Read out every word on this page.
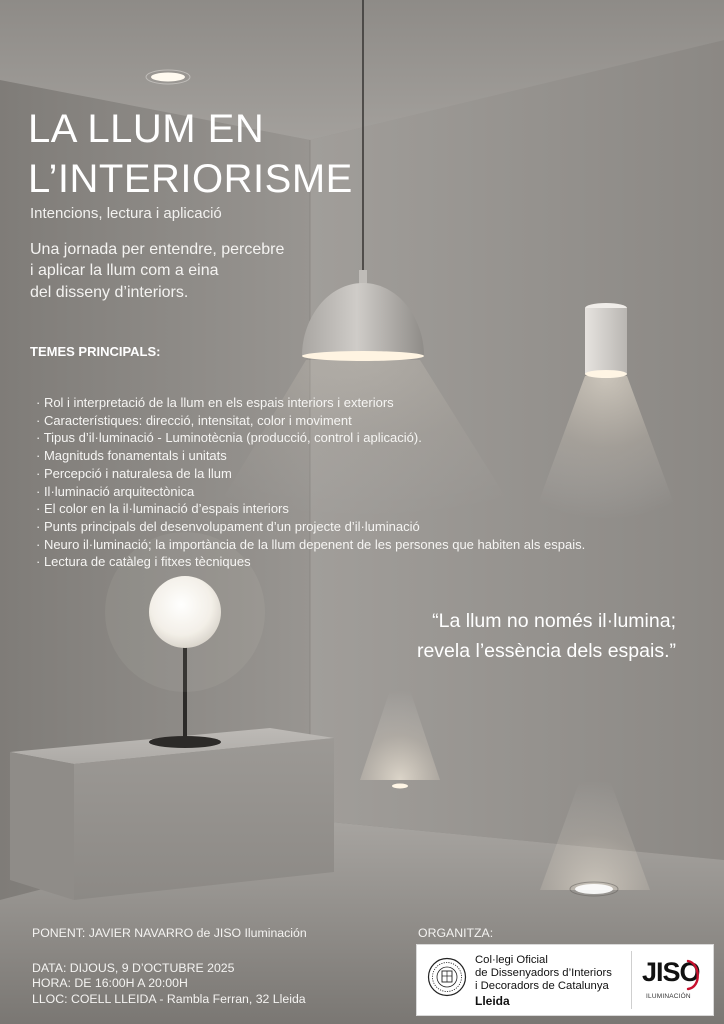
LA LLUM EN
L’INTERIORISME
Intencions, lectura i aplicació
Una jornada per entendre, percebre
i aplicar la llum com a eina
del disseny d’interiors.
TEMES PRINCIPALS:
· Rol i interpretació de la llum en els espais interiors i exteriors
· Característiques: direcció, intensitat, color i moviment
· Tipus d’il·luminació - Luminotècnia (producció, control i aplicació).
· Magnituds fonamentals i unitats
· Percepció i naturalesa de la llum
· Il·luminació arquitectònica
· El color en la il·luminació d’espais interiors
· Punts principals del desenvolupament d’un projecte d’il·luminació
· Neuro il·luminació; la importància de la llum depenent de les persones que habiten als espais.
· Lectura de catàleg i fitxes tècniques
“La llum no només il·lumina;
revela l’essència dels espais.”
PONENT: JAVIER NAVARRO de JISO Iluminación
DATA: DIJOUS, 9 D’OCTUBRE 2025
HORA: DE 16:00H A 20:00H
LLOC: COELL LLEIDA - Rambla Ferran, 32 Lleida
ORGANITZA:
Col·legi Oficial
de Dissenyadors d’Interiors
i Decoradors de Catalunya
Lleida
JISO
ILUMINACIÓN
